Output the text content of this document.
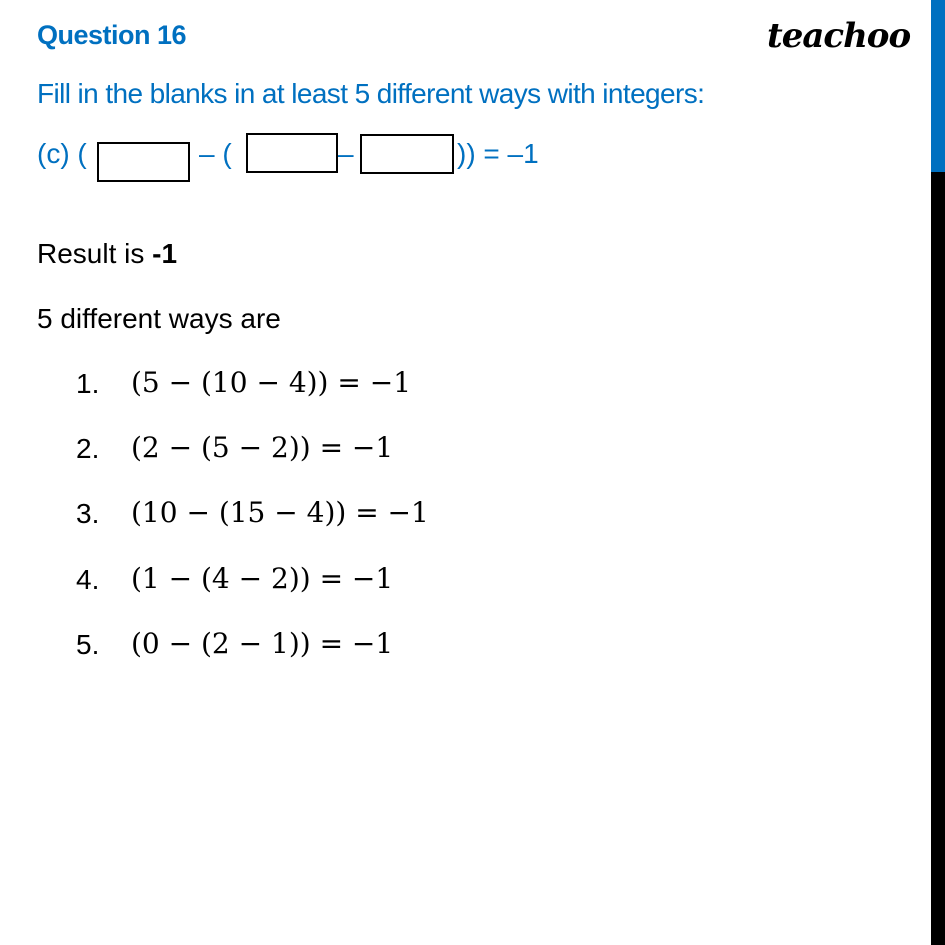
Question 16	teachoo
Fill in the blanks in at least 5 different ways with integers:
(c) (	– (	–	)) = –1
Result is -1
5 different ways are
1. (5 − (10 − 4)) = −1
2. (2 − (5 − 2)) = −1
3. (10 − (15 − 4)) = −1
4. (1 − (4 − 2)) = −1
5. (0 − (2 − 1)) = −1
